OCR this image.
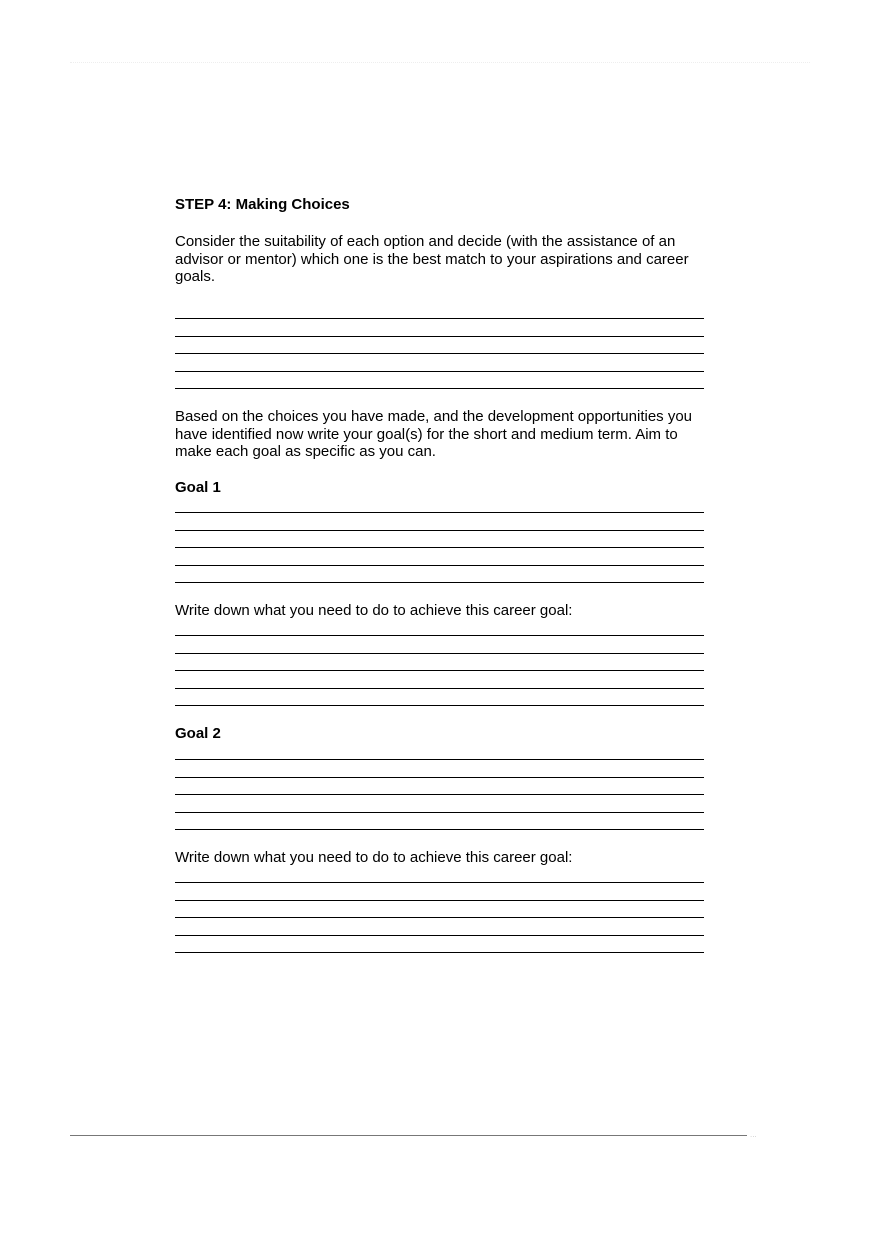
STEP 4: Making Choices

Consider the suitability of each option and decide (with the assistance of an advisor or mentor) which one is the best match to your aspirations and career goals.

Based on the choices you have made, and the development opportunities you have identified now write your goal(s) for the short and medium term. Aim to make each goal as specific as you can.

Goal 1

Write down what you need to do to achieve this career goal:

Goal 2

Write down what you need to do to achieve this career goal:

...
